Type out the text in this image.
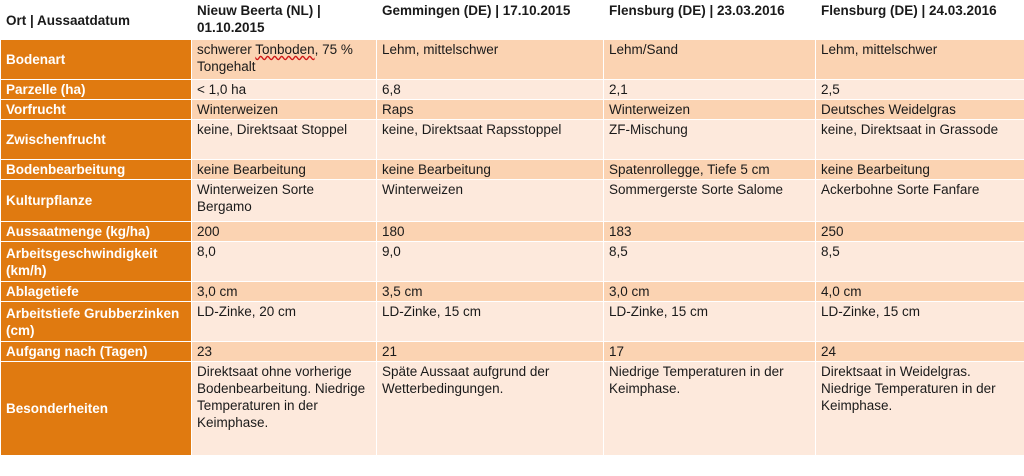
Ort | Aussaatdatum	Nieuw Beerta (NL) | 01.10.2015	Gemmingen (DE) | 17.10.2015	Flensburg (DE) | 23.03.2016	Flensburg (DE) | 24.03.2016
Bodenart	schwerer Tonboden, 75 % Tongehalt	Lehm, mittelschwer	Lehm/Sand	Lehm, mittelschwer
Parzelle (ha)	< 1,0 ha	6,8	2,1	2,5
Vorfrucht	Winterweizen	Raps	Winterweizen	Deutsches Weidelgras
Zwischenfrucht	keine, Direktsaat Stoppel	keine, Direktsaat Rapsstoppel	ZF-Mischung	keine, Direktsaat in Grassode
Bodenbearbeitung	keine Bearbeitung	keine Bearbeitung	Spatenrollegge, Tiefe 5 cm	keine Bearbeitung
Kulturpflanze	Winterweizen Sorte Bergamo	Winterweizen	Sommergerste Sorte Salome	Ackerbohne Sorte Fanfare
Aussaatmenge (kg/ha)	200	180	183	250
Arbeitsgeschwindigkeit (km/h)	8,0	9,0	8,5	8,5
Ablagetiefe	3,0 cm	3,5 cm	3,0 cm	4,0 cm
Arbeitstiefe Grubberzinken (cm)	LD-Zinke, 20 cm	LD-Zinke, 15 cm	LD-Zinke, 15 cm	LD-Zinke, 15 cm
Aufgang nach (Tagen)	23	21	17	24
Besonderheiten	Direktsaat ohne vorherige Bodenbearbeitung. Niedrige Temperaturen in der Keimphase.	Späte Aussaat aufgrund der Wetterbedingungen.	Niedrige Temperaturen in der Keimphase.	Direktsaat in Weidelgras. Niedrige Temperaturen in der Keimphase.
